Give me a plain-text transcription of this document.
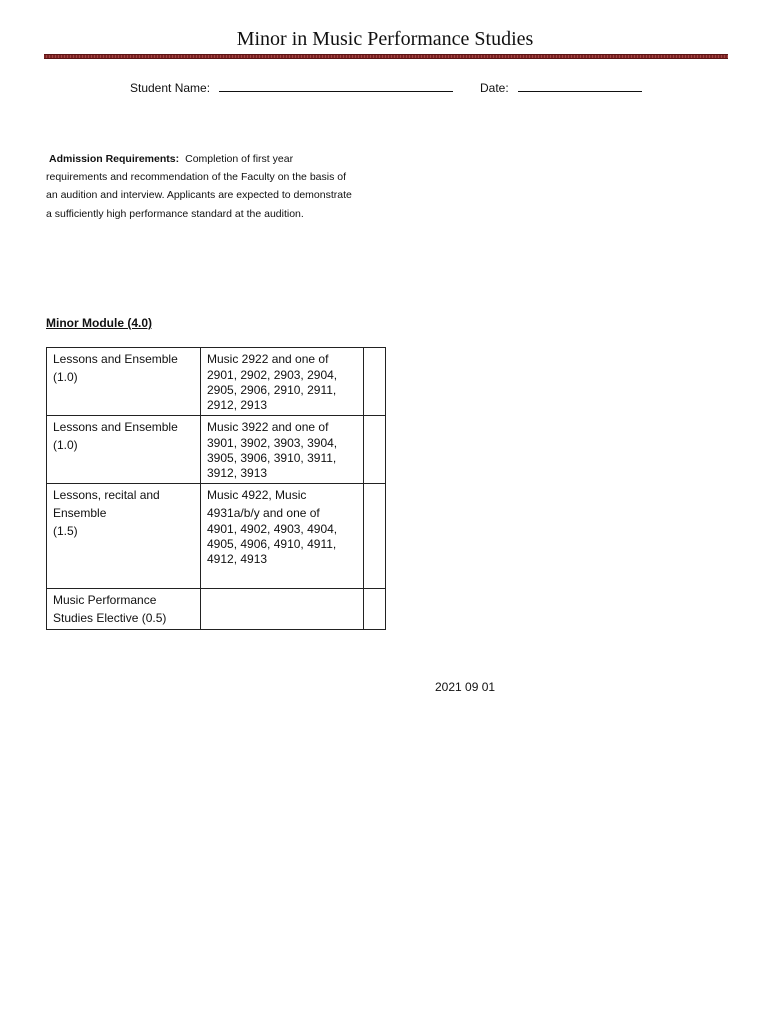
Minor in Music Performance Studies
Student Name:	Date:
Admission Requirements: Completion of first year requirements and recommendation of the Faculty on the basis of an audition and interview. Applicants are expected to demonstrate a sufficiently high performance standard at the audition.
Minor Module (4.0)
Lessons and Ensemble
(1.0)	Music 2922 and one of
2901, 2902, 2903, 2904,
2905, 2906, 2910, 2911,
2912, 2913	

Lessons and Ensemble
(1.0)	Music 3922 and one of
3901, 3902, 3903, 3904,
3905, 3906, 3910, 3911,
3912, 3913	

Lessons, recital and
Ensemble
(1.5)	Music 4922, Music
4931a/b/y and one of
4901, 4902, 4903, 4904,
4905, 4906, 4910, 4911,
4912, 4913	

Music Performance
Studies Elective (0.5)		

2021 09 01
